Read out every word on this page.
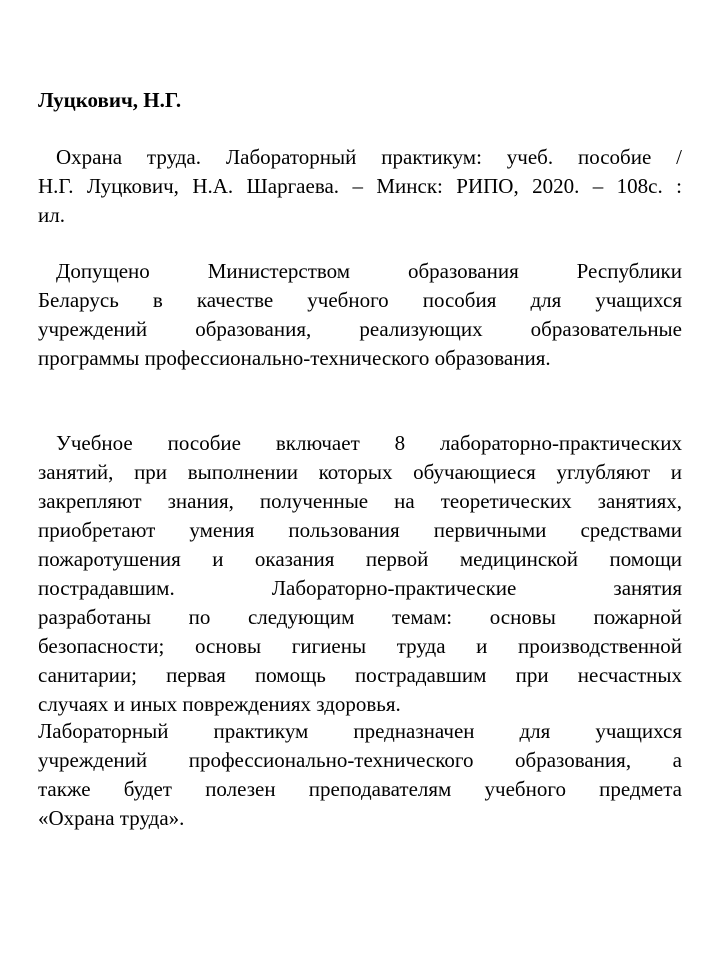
Луцкович, Н.Г.
Охрана труда. Лабораторный практикум: учеб. пособие /
Н.Г. Луцкович, Н.А. Шаргаева. – Минск: РИПО, 2020. – 108с. :
ил.
Допущено Министерством образования Республики
Беларусь в качестве учебного пособия для учащихся
учреждений образования, реализующих образовательные
программы профессионально-технического образования.
Учебное пособие включает 8 лабораторно-практических
занятий, при выполнении которых обучающиеся углубляют и
закрепляют знания, полученные на теоретических занятиях,
приобретают умения пользования первичными средствами
пожаротушения и оказания первой медицинской помощи
пострадавшим. Лабораторно-практические занятия
разработаны по следующим темам: основы пожарной
безопасности; основы гигиены труда и производственной
санитарии; первая помощь пострадавшим при несчастных
случаях и иных повреждениях здоровья.
Лабораторный практикум предназначен для учащихся
учреждений профессионально-технического образования, а
также будет полезен преподавателям учебного предмета
«Охрана труда».
